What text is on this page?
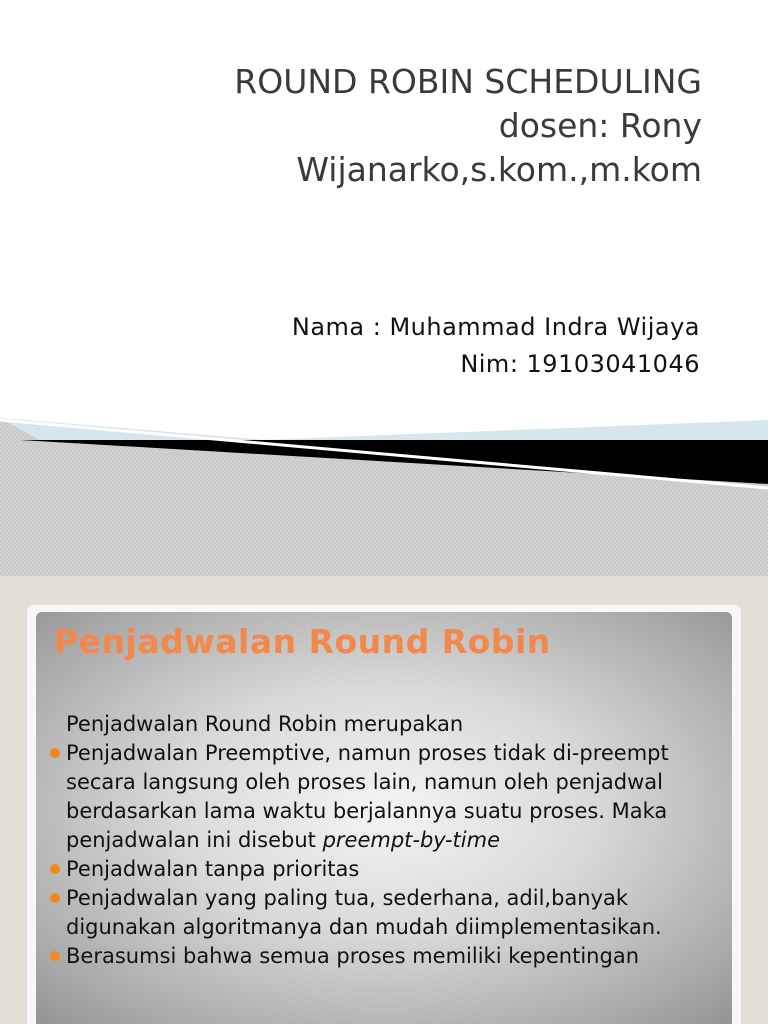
ROUND ROBIN SCHEDULING
dosen: Rony
Wijanarko,s.kom.,m.kom
Nama : Muhammad Indra Wijaya
Nim: 19103041046
Penjadwalan Round Robin
Penjadwalan Round Robin merupakan
Penjadwalan Preemptive, namun proses tidak di-preempt secara langsung oleh proses lain, namun oleh penjadwal berdasarkan lama waktu berjalannya suatu proses. Maka penjadwalan ini disebut preempt-by-time
Penjadwalan tanpa prioritas
Penjadwalan yang paling tua, sederhana, adil,banyak digunakan algoritmanya dan mudah diimplementasikan.
Berasumsi bahwa semua proses memiliki kepentingan
